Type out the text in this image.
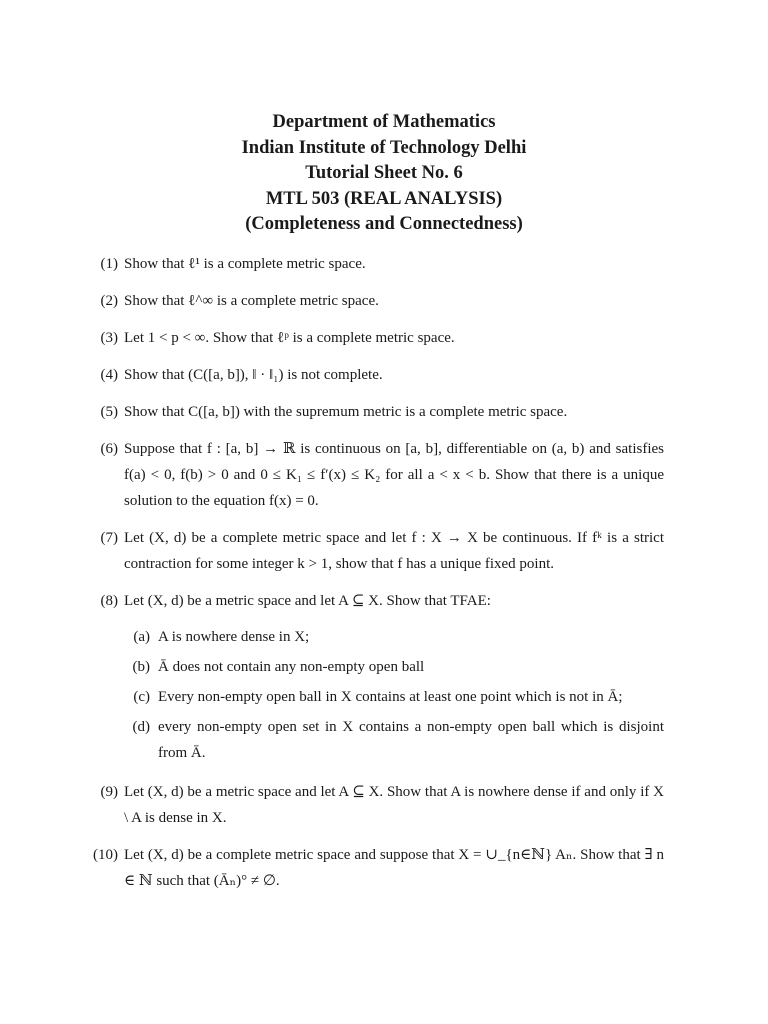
Department of Mathematics
Indian Institute of Technology Delhi
Tutorial Sheet No. 6
MTL 503 (REAL ANALYSIS)
(Completeness and Connectedness)
(1) Show that ℓ¹ is a complete metric space.
(2) Show that ℓ^∞ is a complete metric space.
(3) Let 1 < p < ∞. Show that ℓᵖ is a complete metric space.
(4) Show that (C([a, b]), ‖ · ‖₁) is not complete.
(5) Show that C([a, b]) with the supremum metric is a complete metric space.
(6) Suppose that f : [a, b] → ℝ is continuous on [a, b], differentiable on (a, b) and satisfies f(a) < 0, f(b) > 0 and 0 ≤ K₁ ≤ f′(x) ≤ K₂ for all a < x < b. Show that there is a unique solution to the equation f(x) = 0.
(7) Let (X, d) be a complete metric space and let f : X → X be continuous. If fᵏ is a strict contraction for some integer k > 1, show that f has a unique fixed point.
(8) Let (X, d) be a metric space and let A ⊆ X. Show that TFAE:
(a) A is nowhere dense in X;
(b) Ā does not contain any non-empty open ball
(c) Every non-empty open ball in X contains at least one point which is not in Ā;
(d) every non-empty open set in X contains a non-empty open ball which is disjoint from Ā.
(9) Let (X, d) be a metric space and let A ⊆ X. Show that A is nowhere dense if and only if X \ A is dense in X.
(10) Let (X, d) be a complete metric space and suppose that X = ∪_{n∈ℕ} Aₙ. Show that ∃ n ∈ ℕ such that (Āₙ)° ≠ ∅.
